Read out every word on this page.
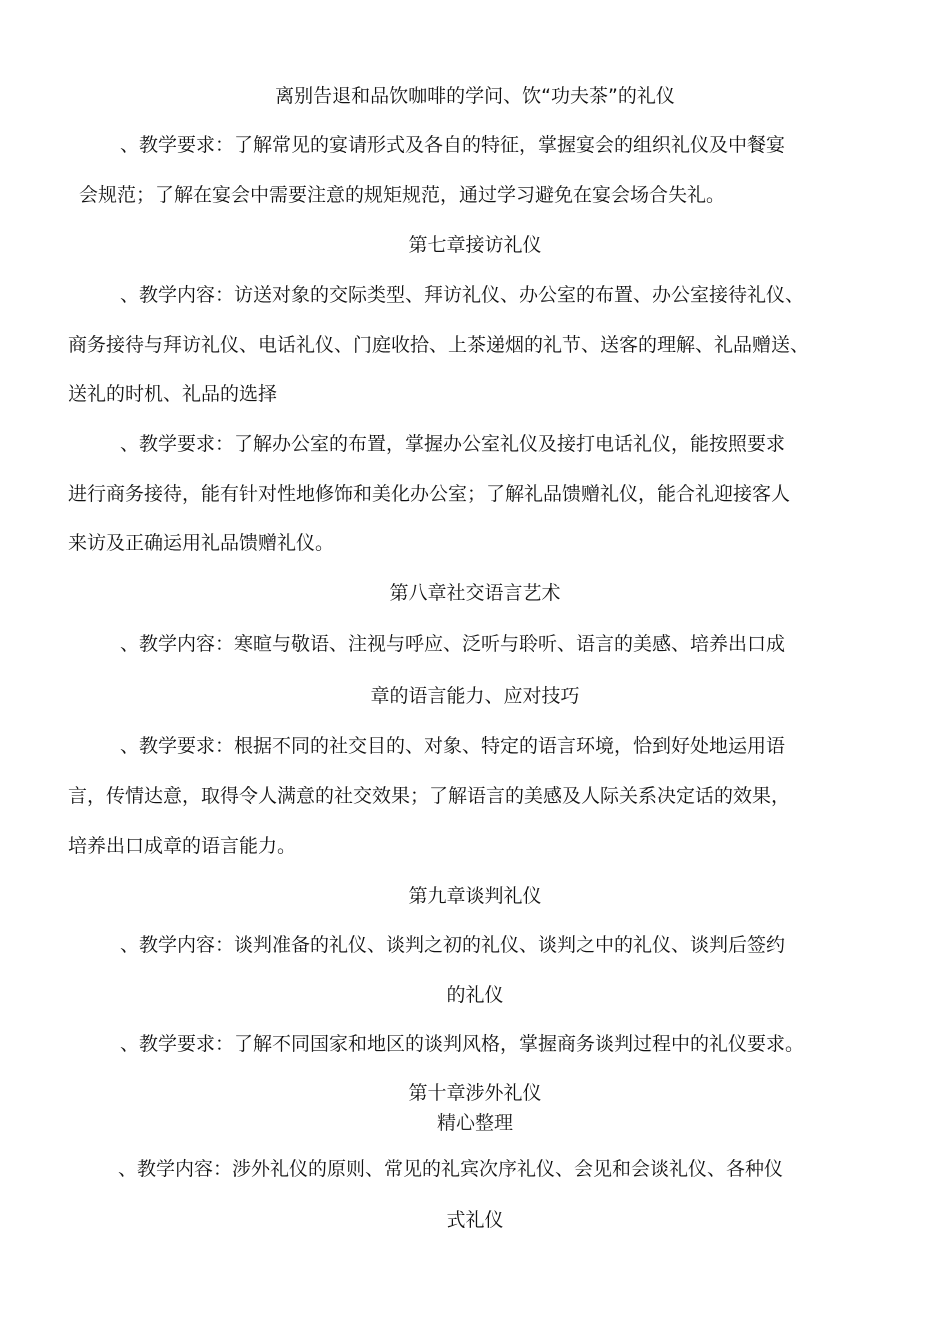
离别告退和品饮咖啡的学问、饮“功夫茶”的礼仪
、教学要求：了解常见的宴请形式及各自的特征，掌握宴会的组织礼仪及中餐宴
会规范；了解在宴会中需要注意的规矩规范，通过学习避免在宴会场合失礼。
第七章接访礼仪
、教学内容：访送对象的交际类型、拜访礼仪、办公室的布置、办公室接待礼仪、
商务接待与拜访礼仪、电话礼仪、门庭收拾、上茶递烟的礼节、送客的理解、礼品赠送、
送礼的时机、礼品的选择
、教学要求：了解办公室的布置，掌握办公室礼仪及接打电话礼仪，能按照要求
进行商务接待，能有针对性地修饰和美化办公室；了解礼品馈赠礼仪，能合礼迎接客人
来访及正确运用礼品馈赠礼仪。
第八章社交语言艺术
、教学内容：寒暄与敬语、注视与呼应、泛听与聆听、语言的美感、培养出口成
章的语言能力、应对技巧
、教学要求：根据不同的社交目的、对象、特定的语言环境，恰到好处地运用语
言，传情达意，取得令人满意的社交效果；了解语言的美感及人际关系决定话的效果，
培养出口成章的语言能力。
第九章谈判礼仪
、教学内容：谈判准备的礼仪、谈判之初的礼仪、谈判之中的礼仪、谈判后签约
的礼仪
、教学要求：了解不同国家和地区的谈判风格，掌握商务谈判过程中的礼仪要求。
第十章涉外礼仪
精心整理
、教学内容：涉外礼仪的原则、常见的礼宾次序礼仪、会见和会谈礼仪、各种仪
式礼仪
